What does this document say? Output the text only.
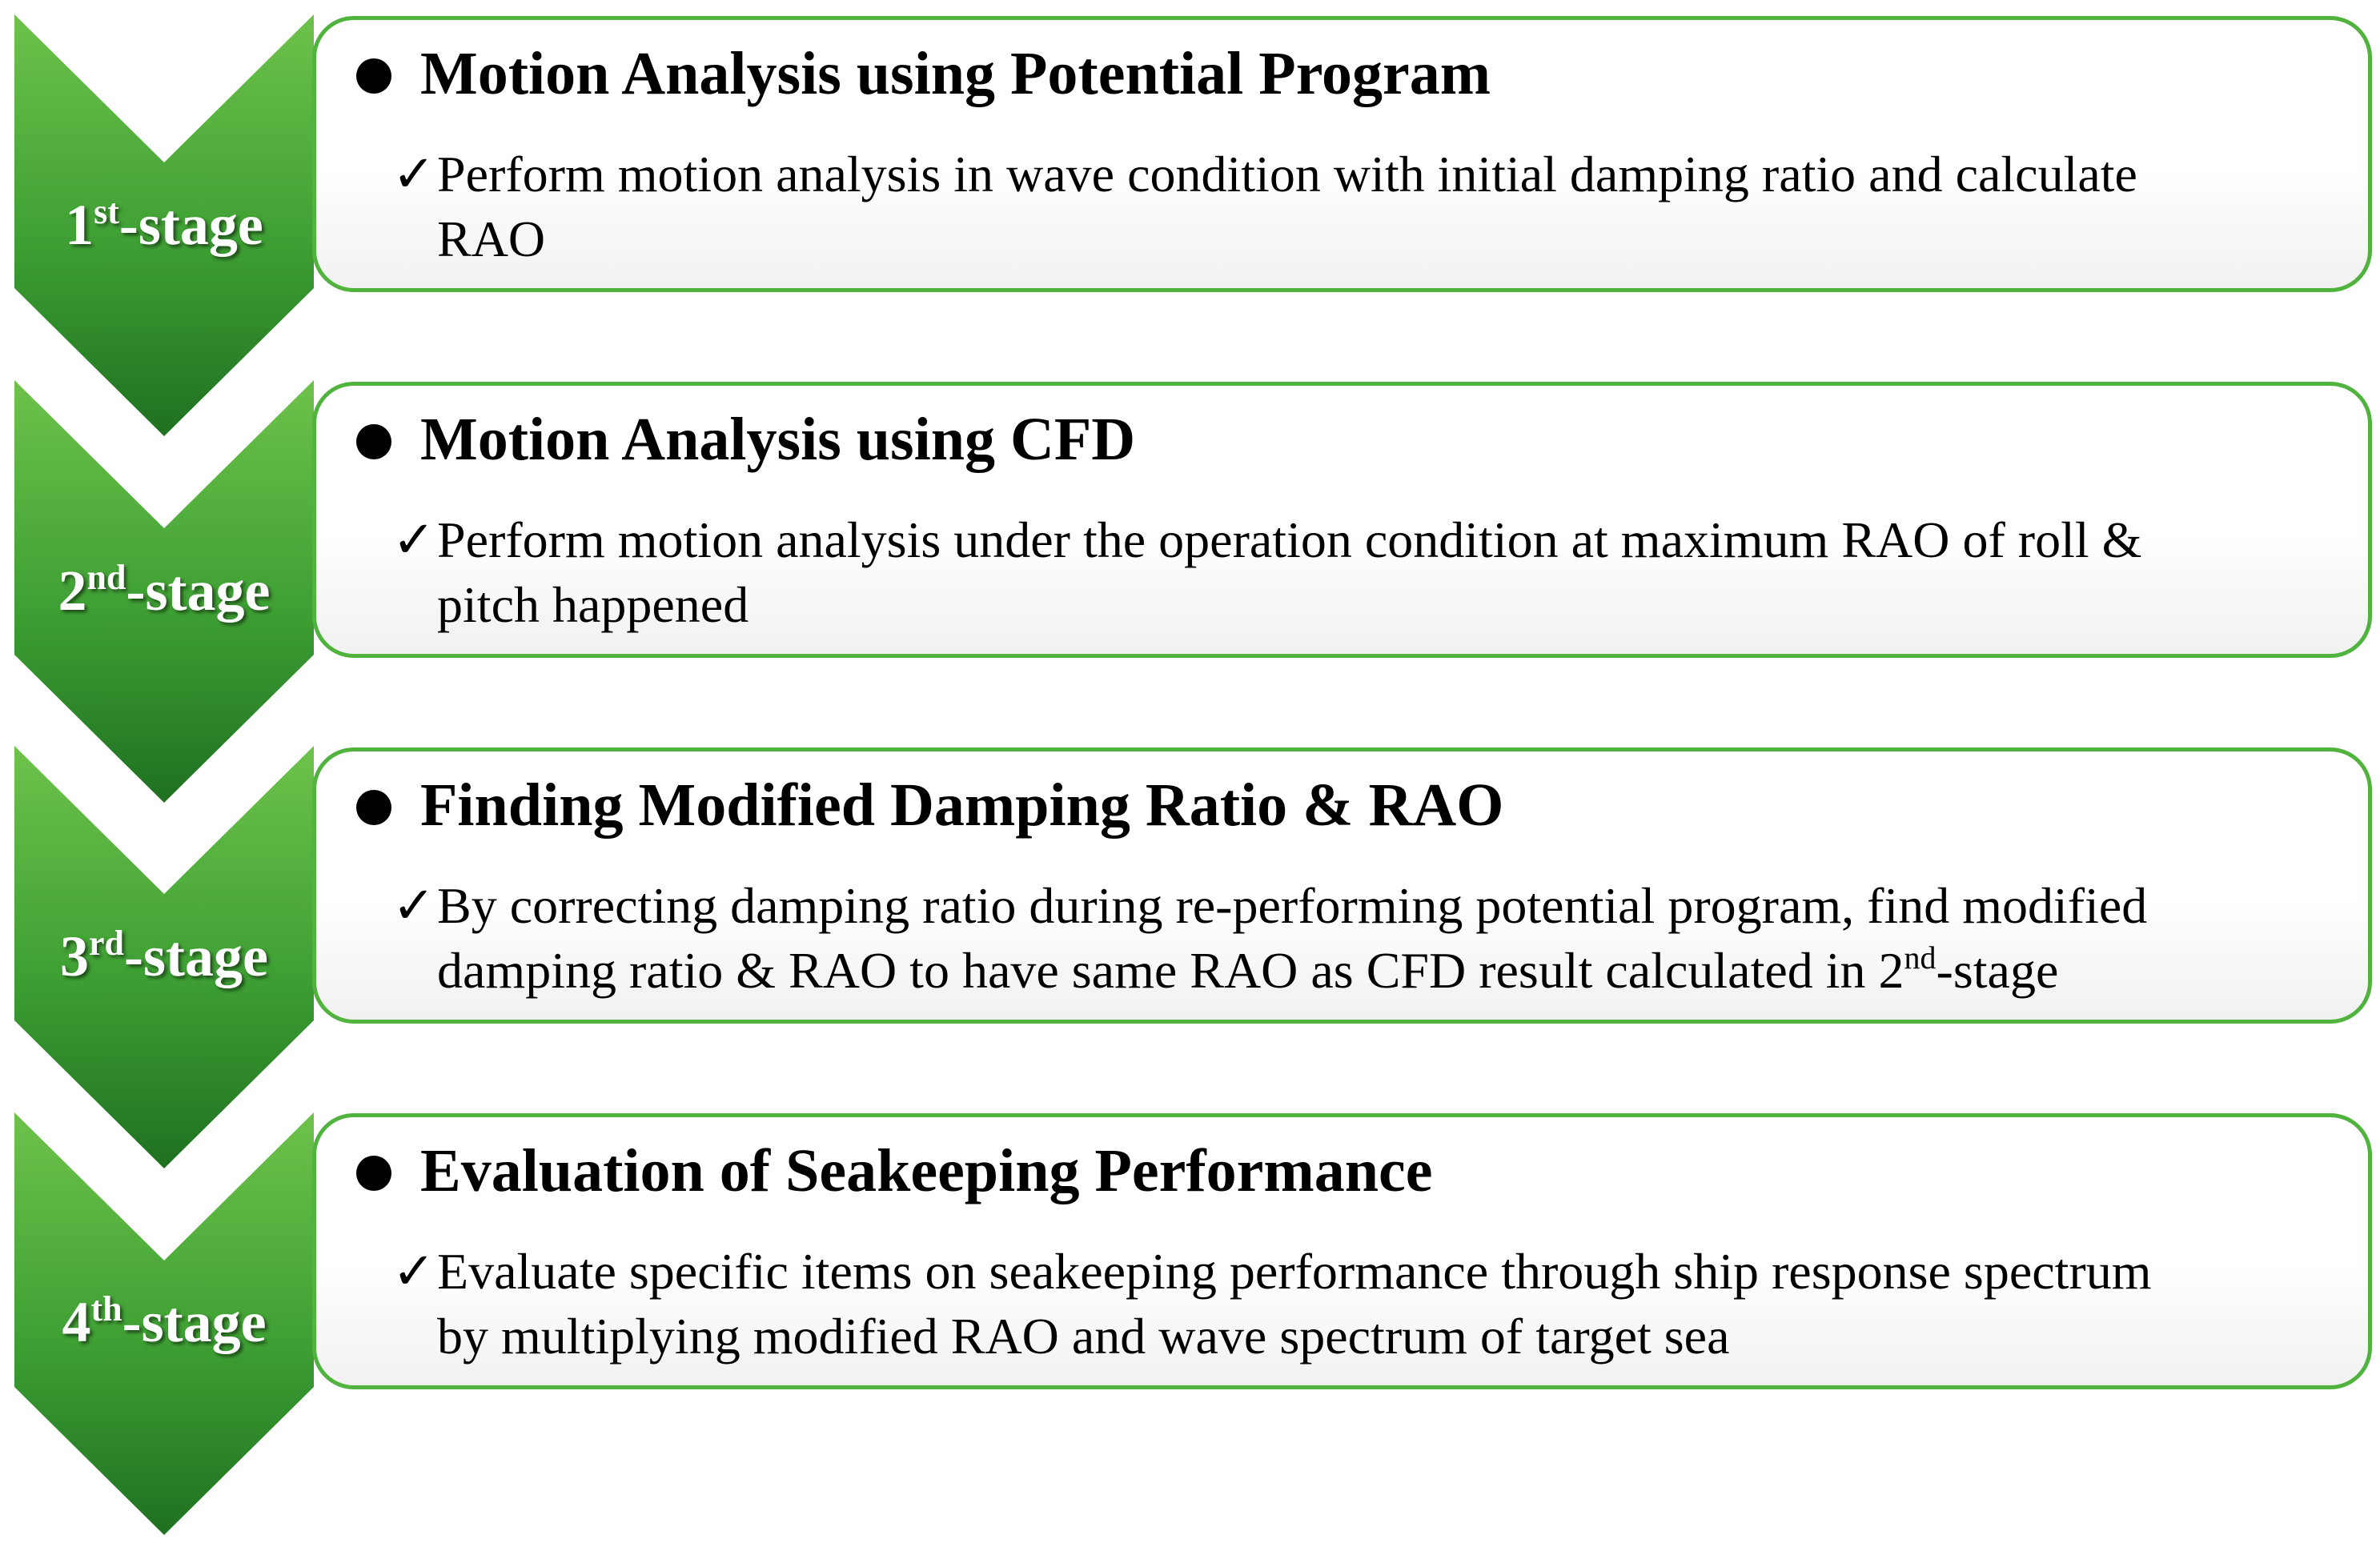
1st-stage
2nd-stage
3rd-stage
4th-stage
Motion Analysis using Potential Program
✓Perform motion analysis in wave condition with initial damping ratio and calculate
RAO
Motion Analysis using CFD
✓Perform motion analysis under the operation condition at maximum RAO of roll &
pitch happened
Finding Modified Damping Ratio & RAO
✓By correcting damping ratio during re-performing potential program, find modified
damping ratio & RAO to have same RAO as CFD result calculated in 2nd-stage
Evaluation of Seakeeping Performance
✓Evaluate specific items on seakeeping performance through ship response spectrum
by multiplying modified RAO and wave spectrum of target sea
